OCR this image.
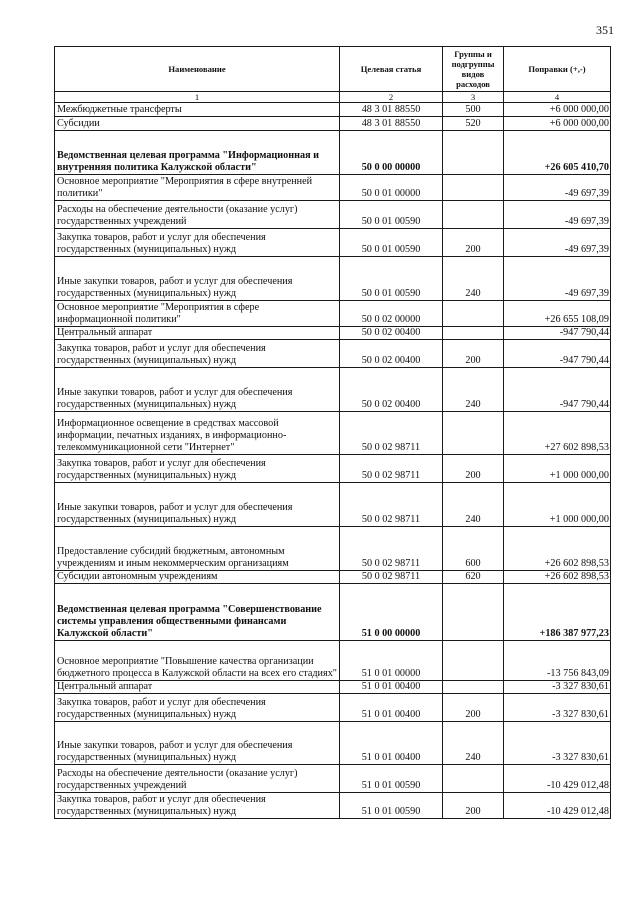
351
Наименование	Целевая статья	Группы и подгруппы видов расходов	Поправки (+,-)
1	2	3	4
Межбюджетные трансферты	48 3 01 88550	500	+6 000 000,00
Субсидии	48 3 01 88550	520	+6 000 000,00
Ведомственная целевая программа "Информационная и внутренняя политика Калужской области"	50 0 00 00000		+26 605 410,70
Основное мероприятие "Мероприятия в сфере внутренней политики"	50 0 01 00000		-49 697,39
Расходы на обеспечение деятельности (оказание услуг) государственных учреждений	50 0 01 00590		-49 697,39
Закупка товаров, работ и услуг для обеспечения государственных (муниципальных) нужд	50 0 01 00590	200	-49 697,39
Иные закупки товаров, работ и услуг для обеспечения государственных (муниципальных) нужд	50 0 01 00590	240	-49 697,39
Основное мероприятие "Мероприятия в сфере информационной политики"	50 0 02 00000		+26 655 108,09
Центральный аппарат	50 0 02 00400		-947 790,44
Закупка товаров, работ и услуг для обеспечения государственных (муниципальных) нужд	50 0 02 00400	200	-947 790,44
Иные закупки товаров, работ и услуг для обеспечения государственных (муниципальных) нужд	50 0 02 00400	240	-947 790,44
Информационное освещение в средствах массовой информации, печатных изданиях, в информационно-телекоммуникационной сети "Интернет"	50 0 02 98711		+27 602 898,53
Закупка товаров, работ и услуг для обеспечения государственных (муниципальных) нужд	50 0 02 98711	200	+1 000 000,00
Иные закупки товаров, работ и услуг для обеспечения государственных (муниципальных) нужд	50 0 02 98711	240	+1 000 000,00
Предоставление субсидий бюджетным, автономным учреждениям и иным некоммерческим организациям	50 0 02 98711	600	+26 602 898,53
Субсидии автономным учреждениям	50 0 02 98711	620	+26 602 898,53
Ведомственная целевая программа "Совершенствование системы управления общественными финансами Калужской области"	51 0 00 00000		+186 387 977,23
Основное мероприятие "Повышение качества организации бюджетного процесса в Калужской области на всех его стадиях"	51 0 01 00000		-13 756 843,09
Центральный аппарат	51 0 01 00400		-3 327 830,61
Закупка товаров, работ и услуг для обеспечения государственных (муниципальных) нужд	51 0 01 00400	200	-3 327 830,61
Иные закупки товаров, работ и услуг для обеспечения государственных (муниципальных) нужд	51 0 01 00400	240	-3 327 830,61
Расходы на обеспечение деятельности (оказание услуг) государственных учреждений	51 0 01 00590		-10 429 012,48
Закупка товаров, работ и услуг для обеспечения государственных (муниципальных) нужд	51 0 01 00590	200	-10 429 012,48
